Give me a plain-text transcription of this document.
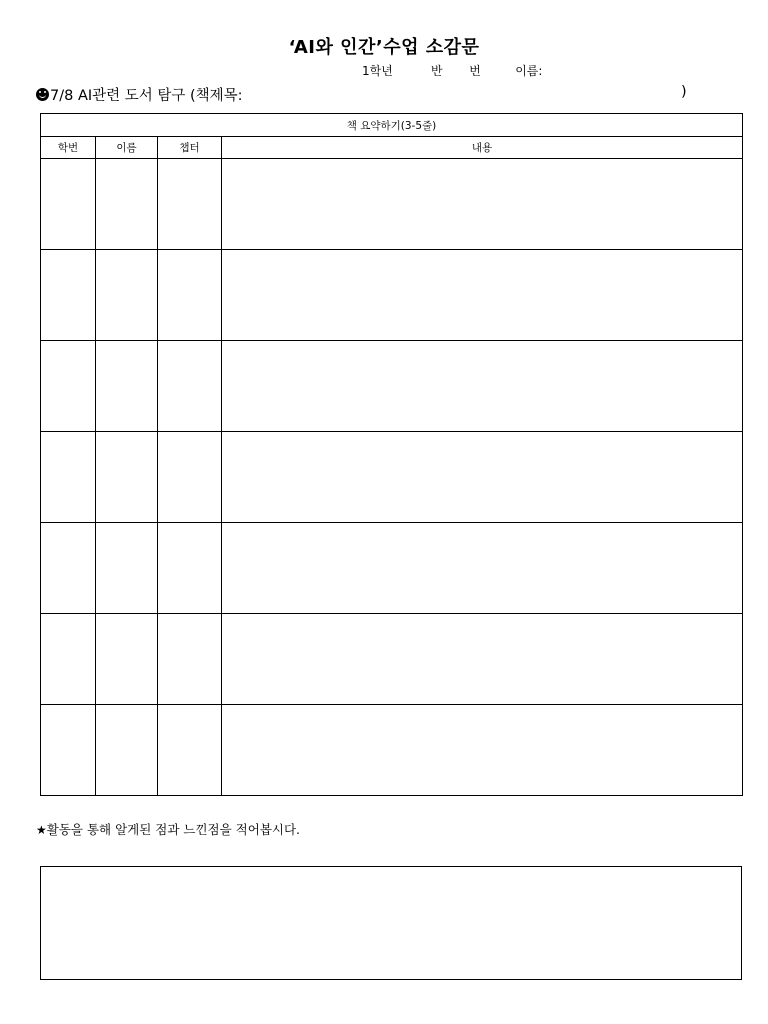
‘AI와 인간’수업 소감문
1학년	반 번	이름:
7/8 AI관련 도서 탐구 (책제목:	)
책 요약하기(3-5줄)			
학번	이름	챕터	내용

★활동을 통해 알게된 점과 느낀점을 적어봅시다.
